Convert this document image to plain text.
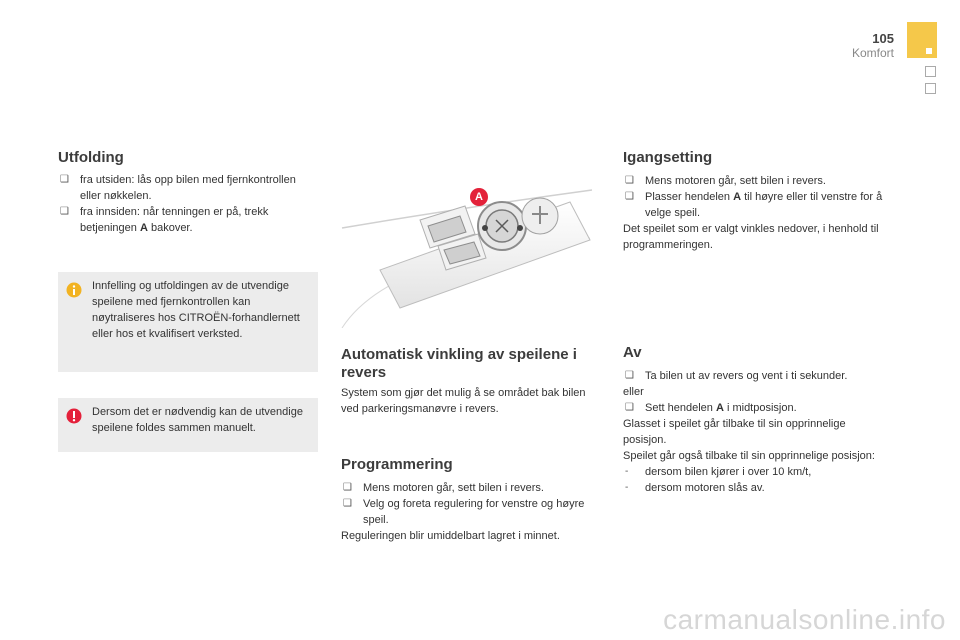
105
Komfort
Utfolding
❑ fra utsiden: lås opp bilen med fjernkontrollen eller nøkkelen.
❑ fra innsiden: når tenningen er på, trekk betjeningen A bakover.
Innfelling og utfoldingen av de utvendige speilene med fjernkontrollen kan nøytraliseres hos CITROËN-forhandlernett eller hos et kvalifisert verksted.
Dersom det er nødvendig kan de utvendige speilene foldes sammen manuelt.
A
Automatisk vinkling av speilene i revers
System som gjør det mulig å se området bak bilen ved parkeringsmanøvre i revers.
Programmering
❑ Mens motoren går, sett bilen i revers.
❑ Velg og foreta regulering for venstre og høyre speil.
Reguleringen blir umiddelbart lagret i minnet.
Igangsetting
❑ Mens motoren går, sett bilen i revers.
❑ Plasser hendelen A til høyre eller til venstre for å velge speil.
Det speilet som er valgt vinkles nedover, i henhold til programmeringen.
Av
❑ Ta bilen ut av revers og vent i ti sekunder.
eller
❑ Sett hendelen A i midtposisjon.
Glasset i speilet går tilbake til sin opprinnelige posisjon.
Speilet går også tilbake til sin opprinnelige posisjon:
- dersom bilen kjører i over 10 km/t,
- dersom motoren slås av.
carmanualsonline.info
